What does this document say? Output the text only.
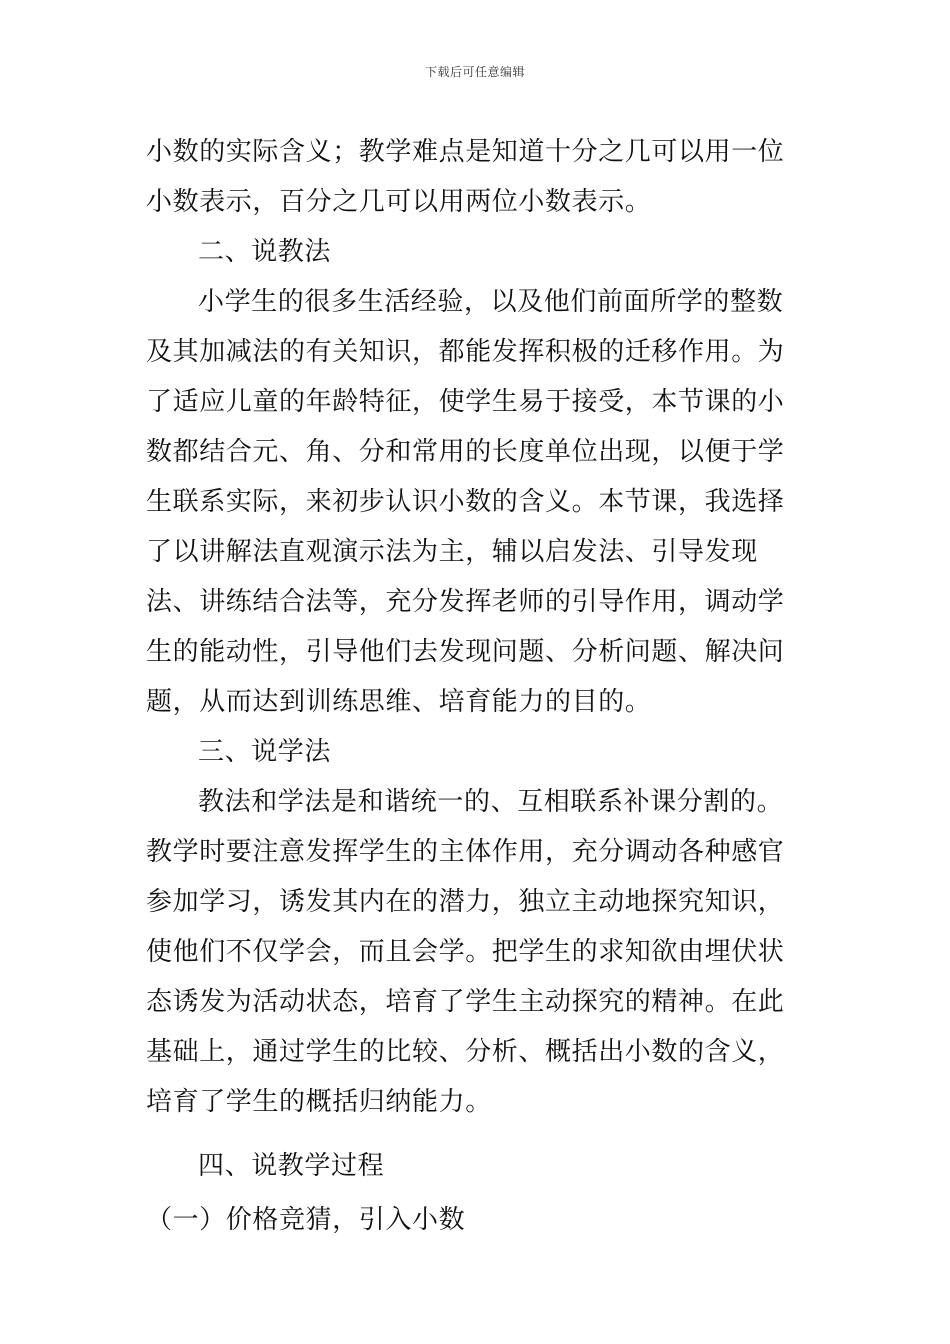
下载后可任意编辑

小数的实际含义；教学难点是知道十分之几可以用一位小数表示，百分之几可以用两位小数表示。

二、说教法

小学生的很多生活经验，以及他们前面所学的整数及其加减法的有关知识，都能发挥积极的迁移作用。为了适应儿童的年龄特征，使学生易于接受，本节课的小数都结合元、角、分和常用的长度单位出现，以便于学生联系实际，来初步认识小数的含义。本节课，我选择了以讲解法直观演示法为主，辅以启发法、引导发现法、讲练结合法等，充分发挥老师的引导作用，调动学生的能动性，引导他们去发现问题、分析问题、解决问题，从而达到训练思维、培育能力的目的。

三、说学法

教法和学法是和谐统一的、互相联系补课分割的。教学时要注意发挥学生的主体作用，充分调动各种感官参加学习，诱发其内在的潜力，独立主动地探究知识，使他们不仅学会，而且会学。把学生的求知欲由埋伏状态诱发为活动状态，培育了学生主动探究的精神。在此基础上，通过学生的比较、分析、概括出小数的含义，培育了学生的概括归纳能力。

四、说教学过程

（一）价格竞猜，引入小数
